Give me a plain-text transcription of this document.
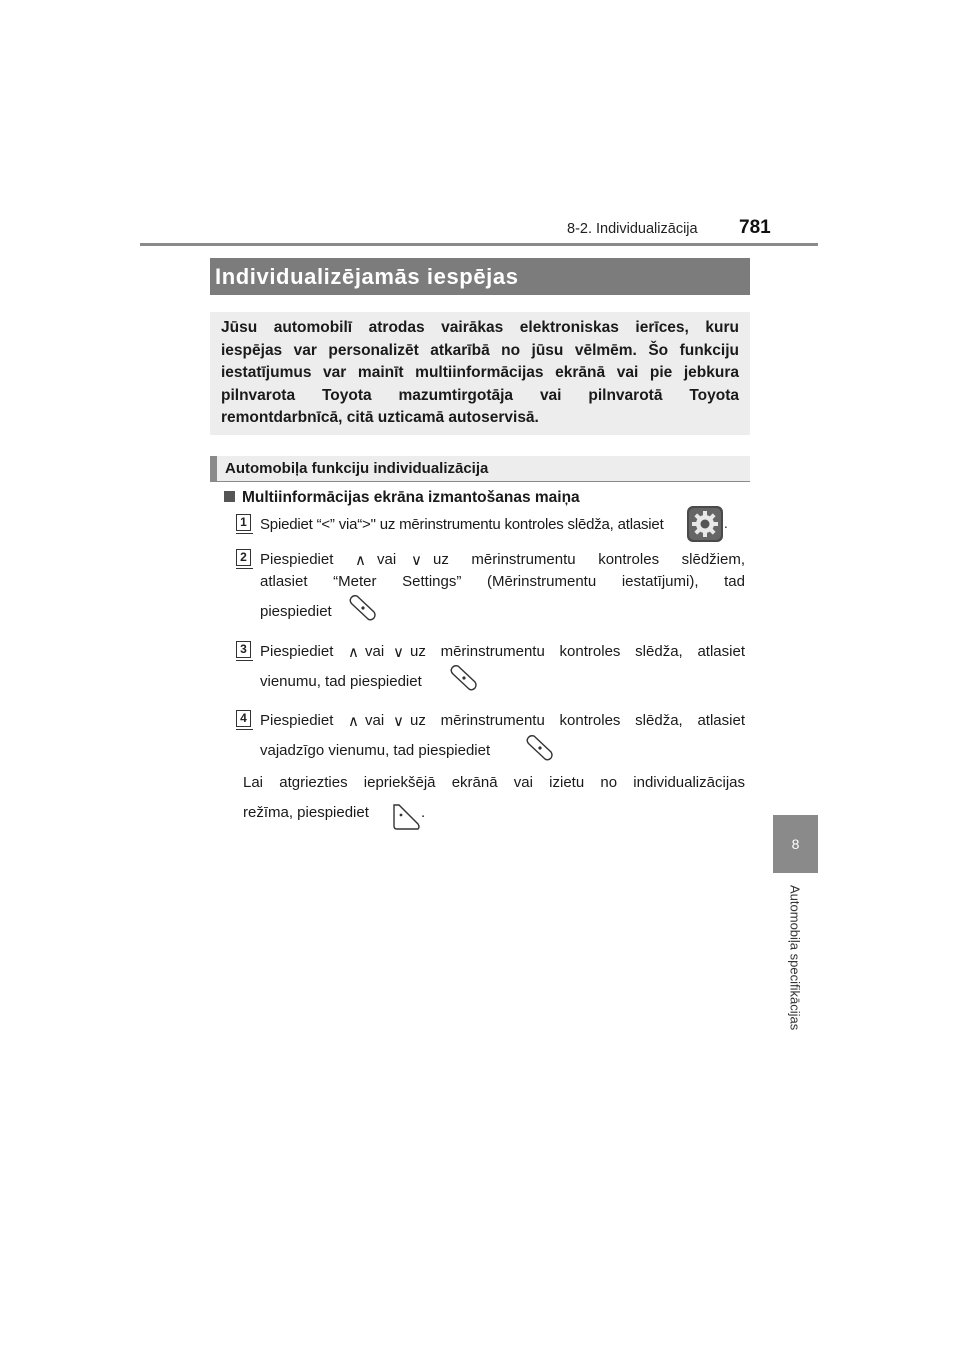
8-2. Individualizācija 781
8
Automobiļa specifikācijas
Individualizējamās iespējas
Jūsu automobilī atrodas vairākas elektroniskas ierīces, kuru
iespējas var personalizēt atkarībā no jūsu vēlmēm. Šo funkciju
iestatījumus var mainīt multiinformācijas ekrānā vai pie jebkura
pilnvarota Toyota mazumtirgotāja vai pilnvarotā Toyota
remontdarbnīcā, citā uzticamā autoservisā.
Automobiļa funkciju individualizācija
Multiinformācijas ekrāna izmantošanas maiņa
1 Spiediet “<” via“>" uz mērinstrumentu kontroles slēdža, atlasiet	.
2 Piespiediet ∧ vai ∨ uz mērinstrumentu kontroles slēdžiem,
atlasiet “Meter Settings” (Mērinstrumentu iestatījumi), tad
piespiediet
3 Piespiediet ∧ vai ∨ uz mērinstrumentu kontroles slēdža, atlasiet
vienumu, tad piespiediet
4 Piespiediet ∧ vai ∨ uz mērinstrumentu kontroles slēdža, atlasiet
vajadzīgo vienumu, tad piespiediet
Lai atgriezties iepriekšējā ekrānā vai izietu no individualizācijas
režīma, piespiediet	.
